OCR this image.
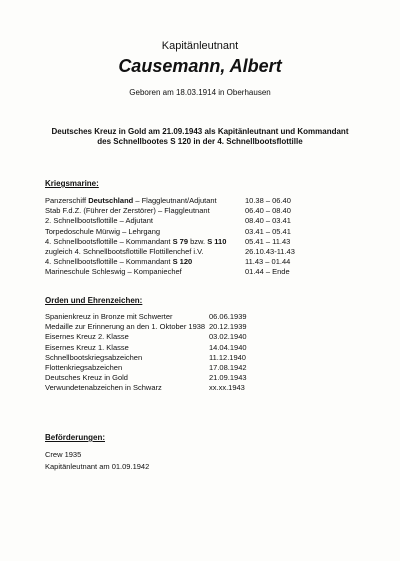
Kapitänleutnant
Causemann, Albert
Geboren am 18.03.1914 in Oberhausen
Deutsches Kreuz in Gold am 21.09.1943 als Kapitänleutnant und Kommandant
des Schnellbootes S 120 in der 4. Schnellbootsflottille
Kriegsmarine:
Panzerschiff Deutschland – Flaggleutnant/Adjutant	10.38 – 06.40
Stab F.d.Z. (Führer der Zerstörer) – Flaggleutnant	06.40 – 08.40
2. Schnellbootsflottille – Adjutant	08.40 – 03.41
Torpedoschule Mürwig – Lehrgang	03.41 – 05.41
4. Schnellbootsflottille – Kommandant S 79 bzw. S 110 05.41 – 11.43
zugleich 4. Schnellbootsflottille Flottillenchef i.V.	26.10.43-11.43
4. Schnellbootsflottille – Kommandant S 120	11.43 – 01.44
Marineschule Schleswig – Kompaniechef	01.44 – Ende
Orden und Ehrenzeichen:
Spanienkreuz in Bronze mit Schwerter	06.06.1939
Medaille zur Erinnerung an den 1. Oktober 1938 20.12.1939
Eisernes Kreuz 2. Klasse	03.02.1940
Eisernes Kreuz 1. Klasse	14.04.1940
Schnellbootskriegsabzeichen	11.12.1940
Flottenkriegsabzeichen	17.08.1942
Deutsches Kreuz in Gold	21.09.1943
Verwundetenabzeichen in Schwarz	xx.xx.1943
Beförderungen:
Crew 1935
Kapitänleutnant am 01.09.1942
